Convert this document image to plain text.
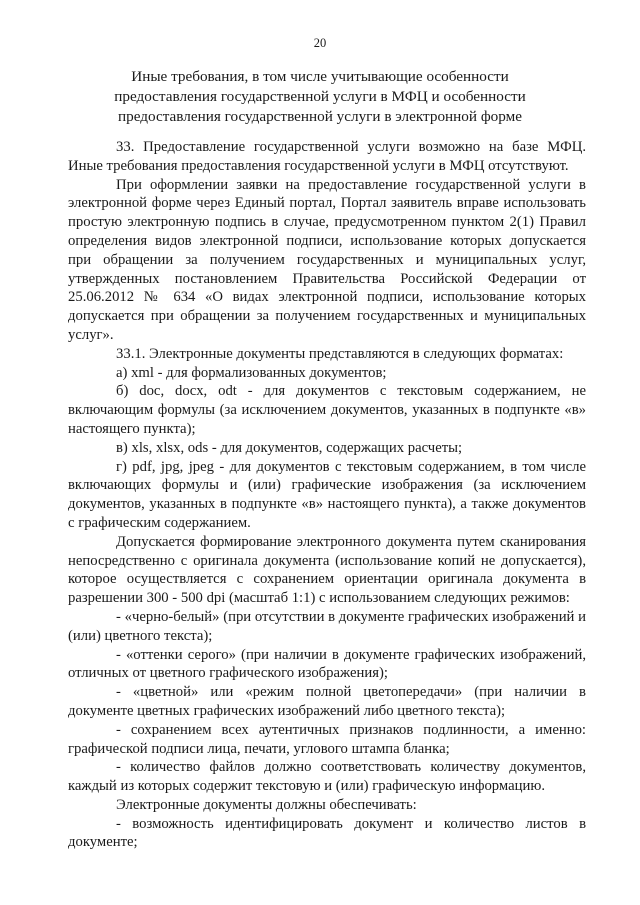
20
Иные требования, в том числе учитывающие особенности
предоставления государственной услуги в МФЦ и особенности
предоставления государственной услуги в электронной форме

33. Предоставление государственной услуги возможно на базе МФЦ. Иные требования предоставления государственной услуги в МФЦ отсутствуют.

При оформлении заявки на предоставление государственной услуги в электронной форме через Единый портал, Портал заявитель вправе использовать простую электронную подпись в случае, предусмотренном пунктом 2(1) Правил определения видов электронной подписи, использование которых допускается при обращении за получением государственных и муниципальных услуг, утвержденных постановлением Правительства Российской Федерации от 25.06.2012 № 634 «О видах электронной подписи, использование которых допускается при обращении за получением государственных и муниципальных услуг».

33.1. Электронные документы представляются в следующих форматах:

а) xml - для формализованных документов;

б) doc, docx, odt - для документов с текстовым содержанием, не включающим формулы (за исключением документов, указанных в подпункте «в» настоящего пункта);

в) xls, xlsx, ods - для документов, содержащих расчеты;

г) pdf, jpg, jpeg - для документов с текстовым содержанием, в том числе включающих формулы и (или) графические изображения (за исключением документов, указанных в подпункте «в» настоящего пункта), а также документов с графическим содержанием.

Допускается формирование электронного документа путем сканирования непосредственно с оригинала документа (использование копий не допускается), которое осуществляется с сохранением ориентации оригинала документа в разрешении 300 - 500 dpi (масштаб 1:1) с использованием следующих режимов:

- «черно-белый» (при отсутствии в документе графических изображений и (или) цветного текста);

- «оттенки серого» (при наличии в документе графических изображений, отличных от цветного графического изображения);

- «цветной» или «режим полной цветопередачи» (при наличии в документе цветных графических изображений либо цветного текста);

- сохранением всех аутентичных признаков подлинности, а именно: графической подписи лица, печати, углового штампа бланка;

- количество файлов должно соответствовать количеству документов, каждый из которых содержит текстовую и (или) графическую информацию.

Электронные документы должны обеспечивать:

- возможность идентифицировать документ и количество листов в документе;
